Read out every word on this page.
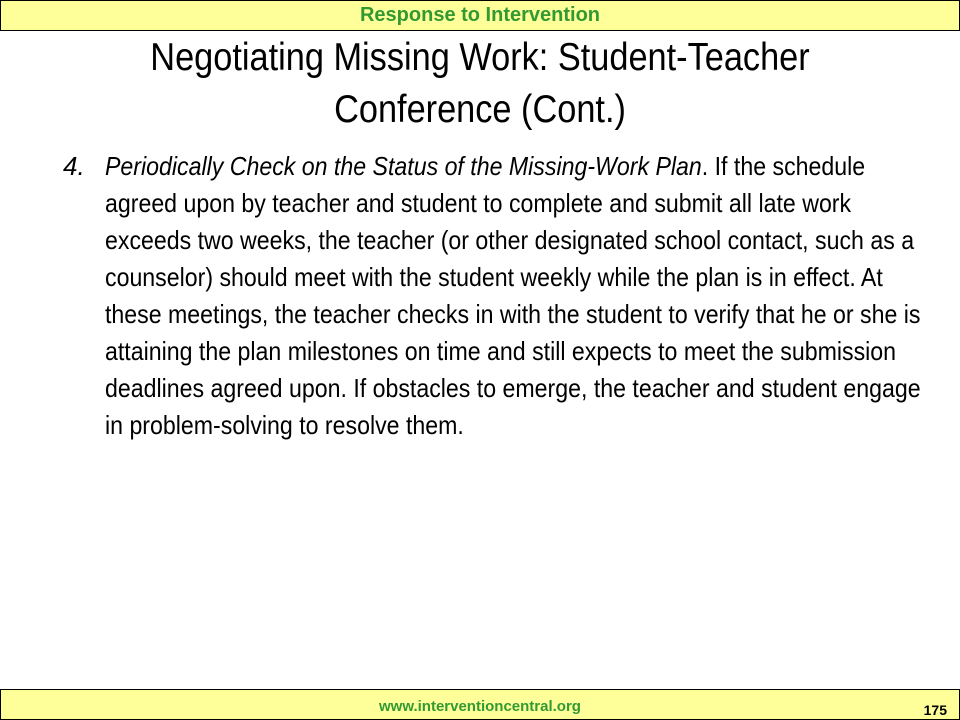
Response to Intervention
Negotiating Missing Work: Student-Teacher
Conference (Cont.)
4. Periodically Check on the Status of the Missing-Work Plan. If the schedule agreed upon by teacher and student to complete and submit all late work exceeds two weeks, the teacher (or other designated school contact, such as a counselor) should meet with the student weekly while the plan is in effect. At these meetings, the teacher checks in with the student to verify that he or she is attaining the plan milestones on time and still expects to meet the submission deadlines agreed upon. If obstacles to emerge, the teacher and student engage in problem-solving to resolve them.
www.interventioncentral.org	175
